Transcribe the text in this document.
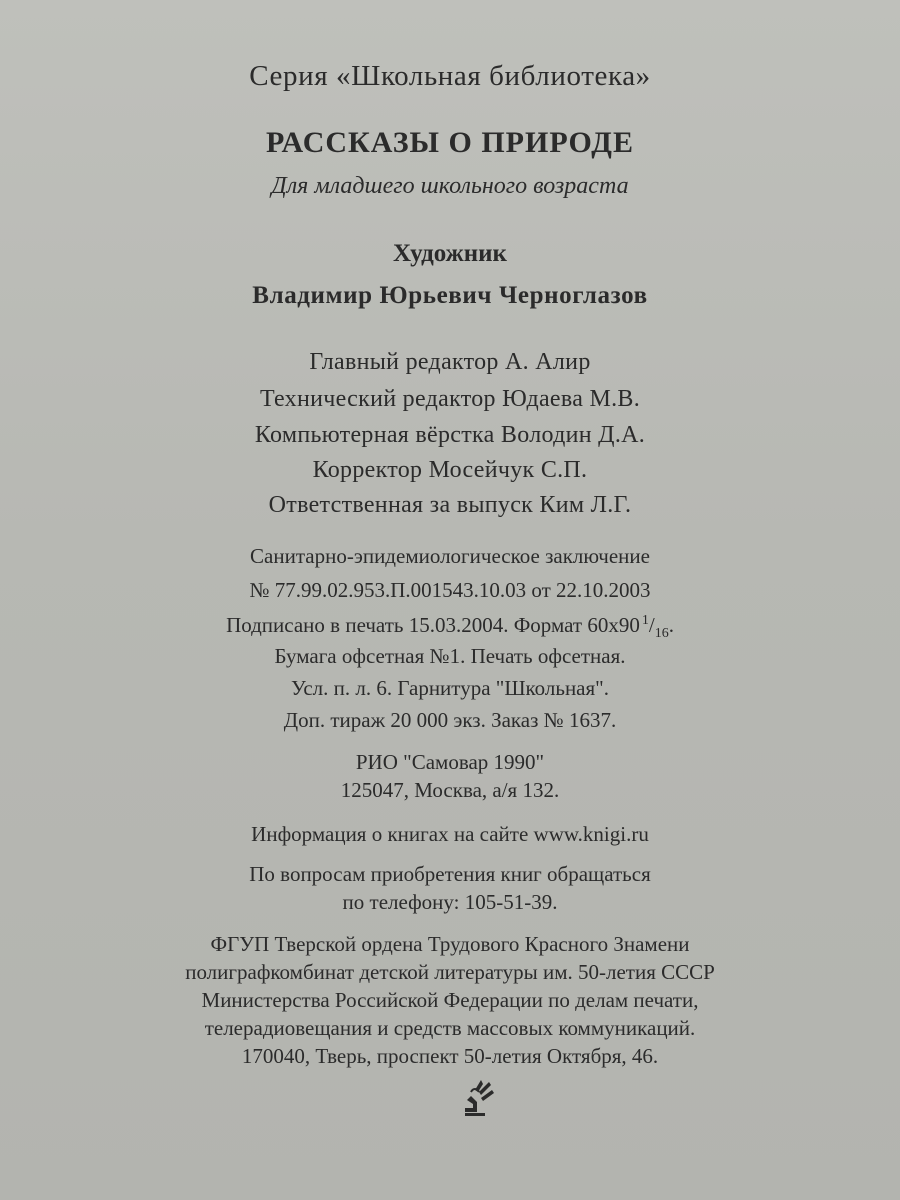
Серия «Школьная библиотека»
РАССКАЗЫ О ПРИРОДЕ
Для младшего школьного возраста
Художник
Владимир Юрьевич Черноглазов
Главный редактор А. Алир
Технический редактор Юдаева М.В.
Компьютерная вёрстка Володин Д.А.
Корректор Мосейчук С.П.
Ответственная за выпуск Ким Л.Г.
Санитарно-эпидемиологическое заключение
№ 77.99.02.953.П.001543.10.03 от 22.10.2003
Подписано в печать 15.03.2004. Формат 60х90 $^1/_{16}$.
Бумага офсетная №1. Печать офсетная.
Усл. п. л. 6. Гарнитура "Школьная".
Доп. тираж 20 000 экз. Заказ № 1637.
РИО "Самовар 1990"
125047, Москва, а/я 132.
Информация о книгах на сайте www.knigi.ru
По вопросам приобретения книг обращаться
по телефону: 105-51-39.
ФГУП Тверской ордена Трудового Красного Знамени
полиграфкомбинат детской литературы им. 50-летия СССР
Министерства Российской Федерации по делам печати,
телерадиовещания и средств массовых коммуникаций.
170040, Тверь, проспект 50-летия Октября, 46.
